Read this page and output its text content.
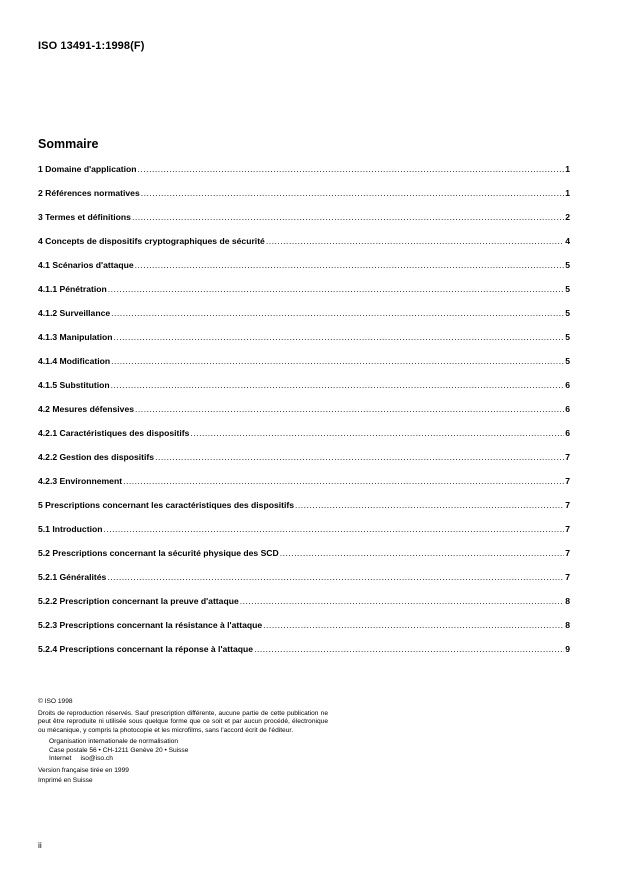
ISO 13491-1:1998(F)
Sommaire
1 Domaine d'application .....	1
2 Références normatives .....	1
3 Termes et définitions .....	2
4 Concepts de dispositifs cryptographiques de sécurité .....	4
4.1 Scénarios d'attaque .....	5
4.1.1 Pénétration .....	5
4.1.2 Surveillance .....	5
4.1.3 Manipulation .....	5
4.1.4 Modification .....	5
4.1.5 Substitution .....	6
4.2 Mesures défensives .....	6
4.2.1 Caractéristiques des dispositifs .....	6
4.2.2 Gestion des dispositifs .....	7
4.2.3 Environnement .....	7
5 Prescriptions concernant les caractéristiques des dispositifs .....	7
5.1 Introduction .....	7
5.2 Prescriptions concernant la sécurité physique des SCD .....	7
5.2.1 Généralités .....	7
5.2.2 Prescription concernant la preuve d'attaque .....	8
5.2.3 Prescriptions concernant la résistance à l'attaque .....	8
5.2.4 Prescriptions concernant la réponse à l'attaque .....	9

© ISO 1998

Droits de reproduction réservés. Sauf prescription différente, aucune partie de cette publication ne peut être reproduite ni utilisée sous quelque forme que ce soit et par aucun procédé, électronique ou mécanique, y compris la photocopie et les microfilms, sans l'accord écrit de l'éditeur.

Organisation internationale de normalisation

Case postale 56 • CH-1211 Genève 20 • Suisse

Internet     iso@iso.ch

Version française tirée en 1999

Imprimé en Suisse

ii
